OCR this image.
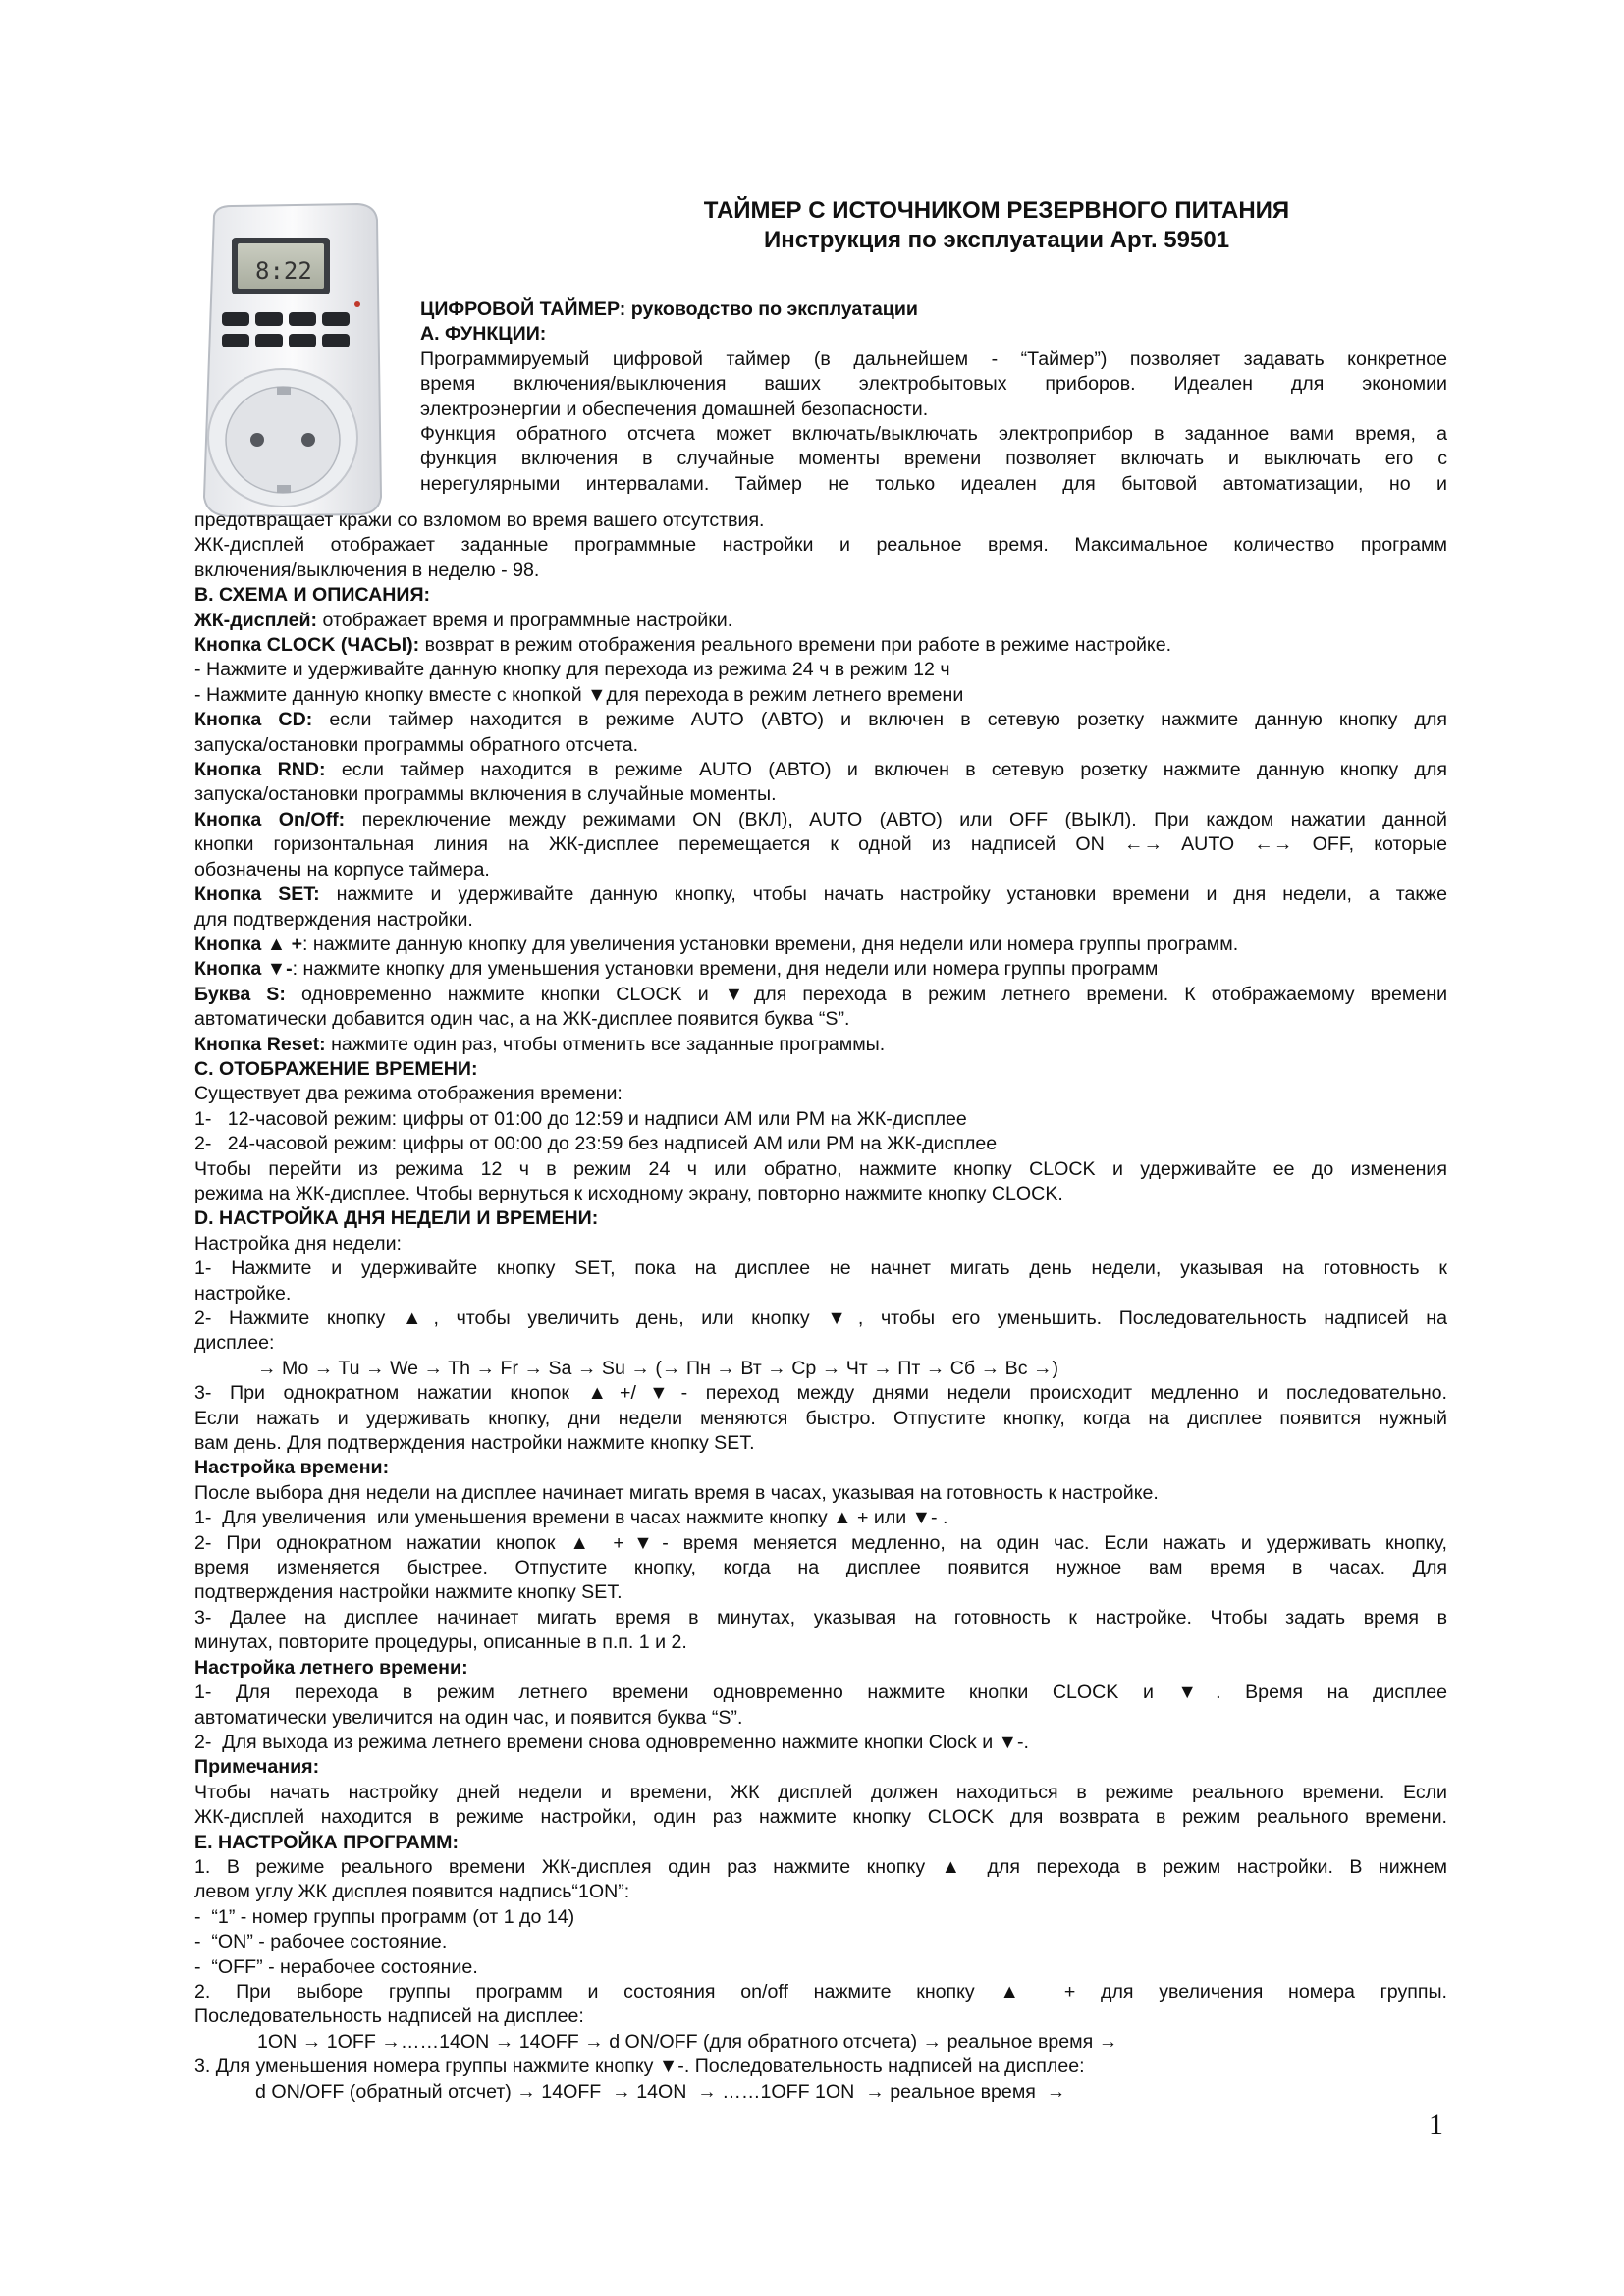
8:22
ТАЙМЕР С ИСТОЧНИКОМ РЕЗЕРВНОГО ПИТАНИЯ
Инструкция по эксплуатации Арт. 59501

ЦИФРОВОЙ ТАЙМЕР: руководство по эксплуатации

А. ФУНКЦИИ:

Программируемый цифровой таймер (в дальнейшем - “Таймер”) позволяет задавать конкретное

время включения/выключения ваших электробытовых приборов. Идеален для экономии

электроэнергии и обеспечения домашней безопасности.

Функция обратного отсчета может включать/выключать электроприбор в заданное вами время, а

функция включения в случайные моменты времени позволяет включать и выключать его с

нерегулярными интервалами. Таймер не только идеален для бытовой автоматизации, но и

предотвращает кражи со взломом во время вашего отсутствия.

ЖК-дисплей отображает заданные программные настройки и реальное время. Максимальное количество программ

включения/выключения в неделю - 98.

B. СХЕМА И ОПИСАНИЯ:

ЖК-дисплей: отображает время и программные настройки.

Кнопка CLOCK (ЧАСЫ): возврат в режим отображения реального времени при работе в режиме настройке.

- Нажмите и удерживайте данную кнопку для перехода из режима 24 ч в режим 12 ч

- Нажмите данную кнопку вместе с кнопкой ▼для перехода в режим летнего времени

Кнопка CD: если таймер находится в режиме AUTO (АВТО) и включен в сетевую розетку нажмите данную кнопку для

запуска/остановки программы обратного отсчета.

Кнопка RND: если таймер находится в режиме AUTO (АВТО) и включен в сетевую розетку нажмите данную кнопку для

запуска/остановки программы включения в случайные моменты.

Кнопка On/Off: переключение между режимами ON (ВКЛ), AUTO (АВТО) или OFF (ВЫКЛ). При каждом нажатии данной

кнопки горизонтальная линия на ЖК-дисплее перемещается к одной из надписей ON ←→ AUTO ←→ OFF, которые

обозначены на корпусе таймера.

Кнопка SET: нажмите и удерживайте данную кнопку, чтобы начать настройку установки времени и дня недели, а также

для подтверждения настройки.

Кнопка ▲ +: нажмите данную кнопку для увеличения установки времени, дня недели или номера группы программ.

Кнопка ▼-: нажмите кнопку для уменьшения установки времени, дня недели или номера группы программ

Буква S: одновременно нажмите кнопки CLOCK и ▼для перехода в режим летнего времени. К отображаемому времени

автоматически добавится один час, а на ЖК-дисплее появится буква “S”.

Кнопка Reset: нажмите один раз, чтобы отменить все заданные программы.

C. ОТОБРАЖЕНИЕ ВРЕМЕНИ:

Существует два режима отображения времени:

1-   12-часовой режим: цифры от 01:00 до 12:59 и надписи AM или PM на ЖК-дисплее

2-   24-часовой режим: цифры от 00:00 до 23:59 без надписей AM или PM на ЖК-дисплее

Чтобы перейти из режима 12 ч в режим 24 ч или обратно, нажмите кнопку CLOCK и удерживайте ее до изменения

режима на ЖК-дисплее. Чтобы вернуться к исходному экрану, повторно нажмите кнопку CLOCK.

D. НАСТРОЙКА ДНЯ НЕДЕЛИ И ВРЕМЕНИ:

Настройка дня недели:

1- Нажмите и удерживайте кнопку SET, пока на дисплее не начнет мигать день недели, указывая на готовность к

настройке.

2- Нажмите кнопку ▲, чтобы увеличить день, или кнопку ▼, чтобы его уменьшить. Последовательность надписей на

дисплее:

→ Mo → Tu → We → Th → Fr → Sa → Su → (→ Пн → Вт → Ср → Чт → Пт → Сб → Вс →)

3- При однократном нажатии кнопок ▲+/▼- переход между днями недели происходит медленно и последовательно.

Если нажать и удерживать кнопку, дни недели меняются быстро. Отпустите кнопку, когда на дисплее появится нужный

вам день. Для подтверждения настройки нажмите кнопку SET.

Настройка времени:

После выбора дня недели на дисплее начинает мигать время в часах, указывая на готовность к настройке.

1-  Для увеличения  или уменьшения времени в часах нажмите кнопку ▲ + или ▼- .

2- При однократном нажатии кнопок ▲ +▼- время меняется медленно, на один час. Если нажать и удерживать кнопку,

время изменяется быстрее. Отпустите кнопку, когда на дисплее появится нужное вам время в часах. Для

подтверждения настройки нажмите кнопку SET.

3- Далее на дисплее начинает мигать время в минутах, указывая на готовность к настройке. Чтобы задать время в

минутах, повторите процедуры, описанные в п.п. 1 и 2.

Настройка летнего времени:

1- Для перехода в режим летнего времени одновременно нажмите кнопки CLOCK и ▼. Время на дисплее

автоматически увеличится на один час, и появится буква “S”.

2-  Для выхода из режима летнего времени снова одновременно нажмите кнопки Clock и ▼-.

Примечания:

Чтобы начать настройку дней недели и времени, ЖК дисплей должен находиться в режиме реального времени. Если

ЖК-дисплей находится в режиме настройки, один раз нажмите кнопку CLOCK для возврата в режим реального времени.

E. НАСТРОЙКА ПРОГРАММ:

1. В режиме реального времени ЖК-дисплея один раз нажмите кнопку ▲ для перехода в режим настройки. В нижнем

левом углу ЖК дисплея появится надпись“1ON”:

-  “1” - номер группы программ (от 1 до 14)

-  “ON” - рабочее состояние.

-  “OFF” - нерабочее состояние.

2. При выборе группы программ и состояния on/off нажмите кнопку ▲ + для увеличения номера группы.

Последовательность надписей на дисплее:

1ON → 1OFF →……14ON → 14OFF → d ON/OFF (для обратного отсчета) → реальное время →

3. Для уменьшения номера группы нажмите кнопку ▼-. Последовательность надписей на дисплее:

d ON/OFF (обратный отсчет) → 14OFF  → 14ON  → ……1OFF 1ON  → реальное время  →

1
